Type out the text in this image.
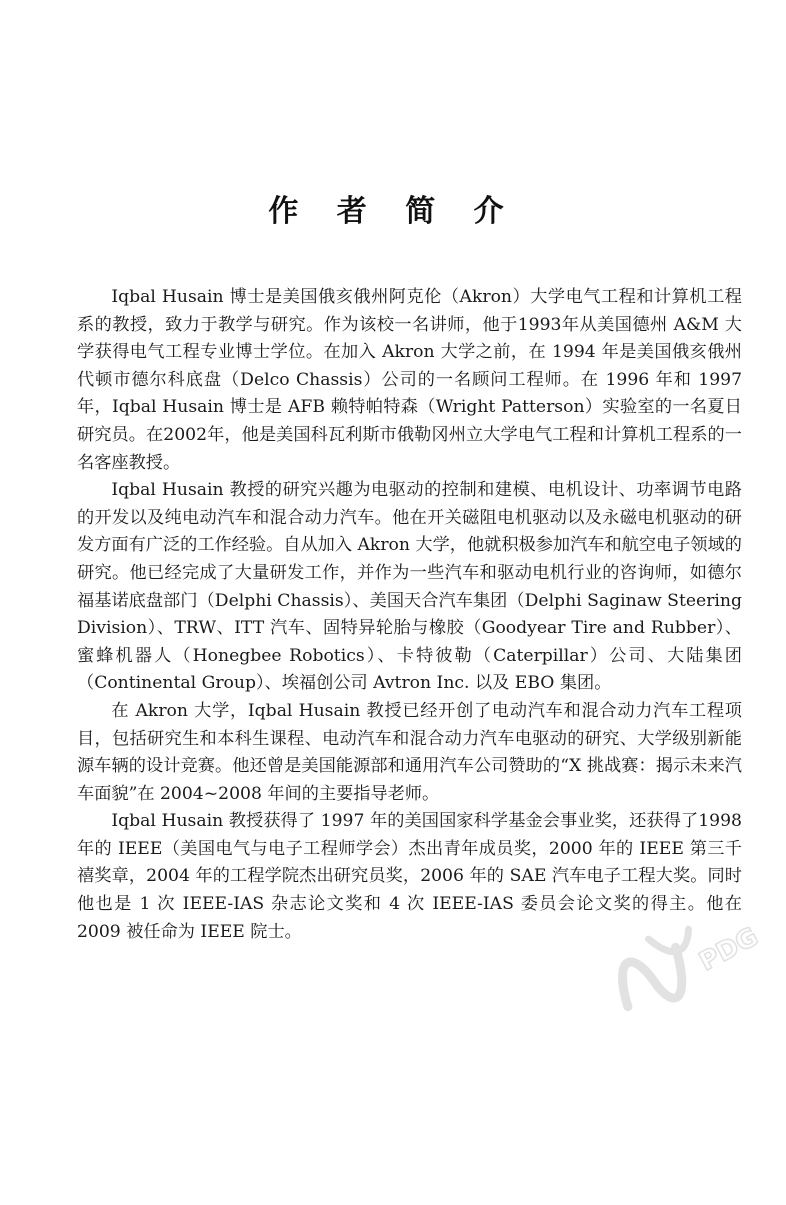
作 者 简 介

Iqbal Husain 博士是美国俄亥俄州阿克伦（Akron）大学电气工程和计算机工程系的教授，致力于教学与研究。作为该校一名讲师，他于1993年从美国德州 A&M 大学获得电气工程专业博士学位。在加入 Akron 大学之前，在 1994 年是美国俄亥俄州代顿市德尔科底盘（Delco Chassis）公司的一名顾问工程师。在 1996 年和 1997 年，Iqbal Husain 博士是 AFB 赖特帕特森（Wright Patterson）实验室的一名夏日研究员。在2002年，他是美国科瓦利斯市俄勒冈州立大学电气工程和计算机工程系的一名客座教授。

Iqbal Husain 教授的研究兴趣为电驱动的控制和建模、电机设计、功率调节电路的开发以及纯电动汽车和混合动力汽车。他在开关磁阻电机驱动以及永磁电机驱动的研发方面有广泛的工作经验。自从加入 Akron 大学，他就积极参加汽车和航空电子领域的研究。他已经完成了大量研发工作，并作为一些汽车和驱动电机行业的咨询师，如德尔福基诺底盘部门（Delphi Chassis）、美国天合汽车集团（Delphi Saginaw Steering Division）、TRW、ITT 汽车、固特异轮胎与橡胶（Goodyear Tire and Rubber）、蜜蜂机器人（Honegbee Robotics）、卡特彼勒（Caterpillar）公司、大陆集团（Continental Group）、埃福创公司 Avtron Inc. 以及 EBO 集团。

在 Akron 大学，Iqbal Husain 教授已经开创了电动汽车和混合动力汽车工程项目，包括研究生和本科生课程、电动汽车和混合动力汽车电驱动的研究、大学级别新能源车辆的设计竞赛。他还曾是美国能源部和通用汽车公司赞助的“X 挑战赛：揭示未来汽车面貌”在 2004~2008 年间的主要指导老师。

Iqbal Husain 教授获得了 1997 年的美国国家科学基金会事业奖，还获得了1998 年的 IEEE（美国电气与电子工程师学会）杰出青年成员奖，2000 年的 IEEE 第三千禧奖章，2004 年的工程学院杰出研究员奖，2006 年的 SAE 汽车电子工程大奖。同时他也是 1 次 IEEE-IAS 杂志论文奖和 4 次 IEEE-IAS 委员会论文奖的得主。他在2009 被任命为 IEEE 院士。	PDG
